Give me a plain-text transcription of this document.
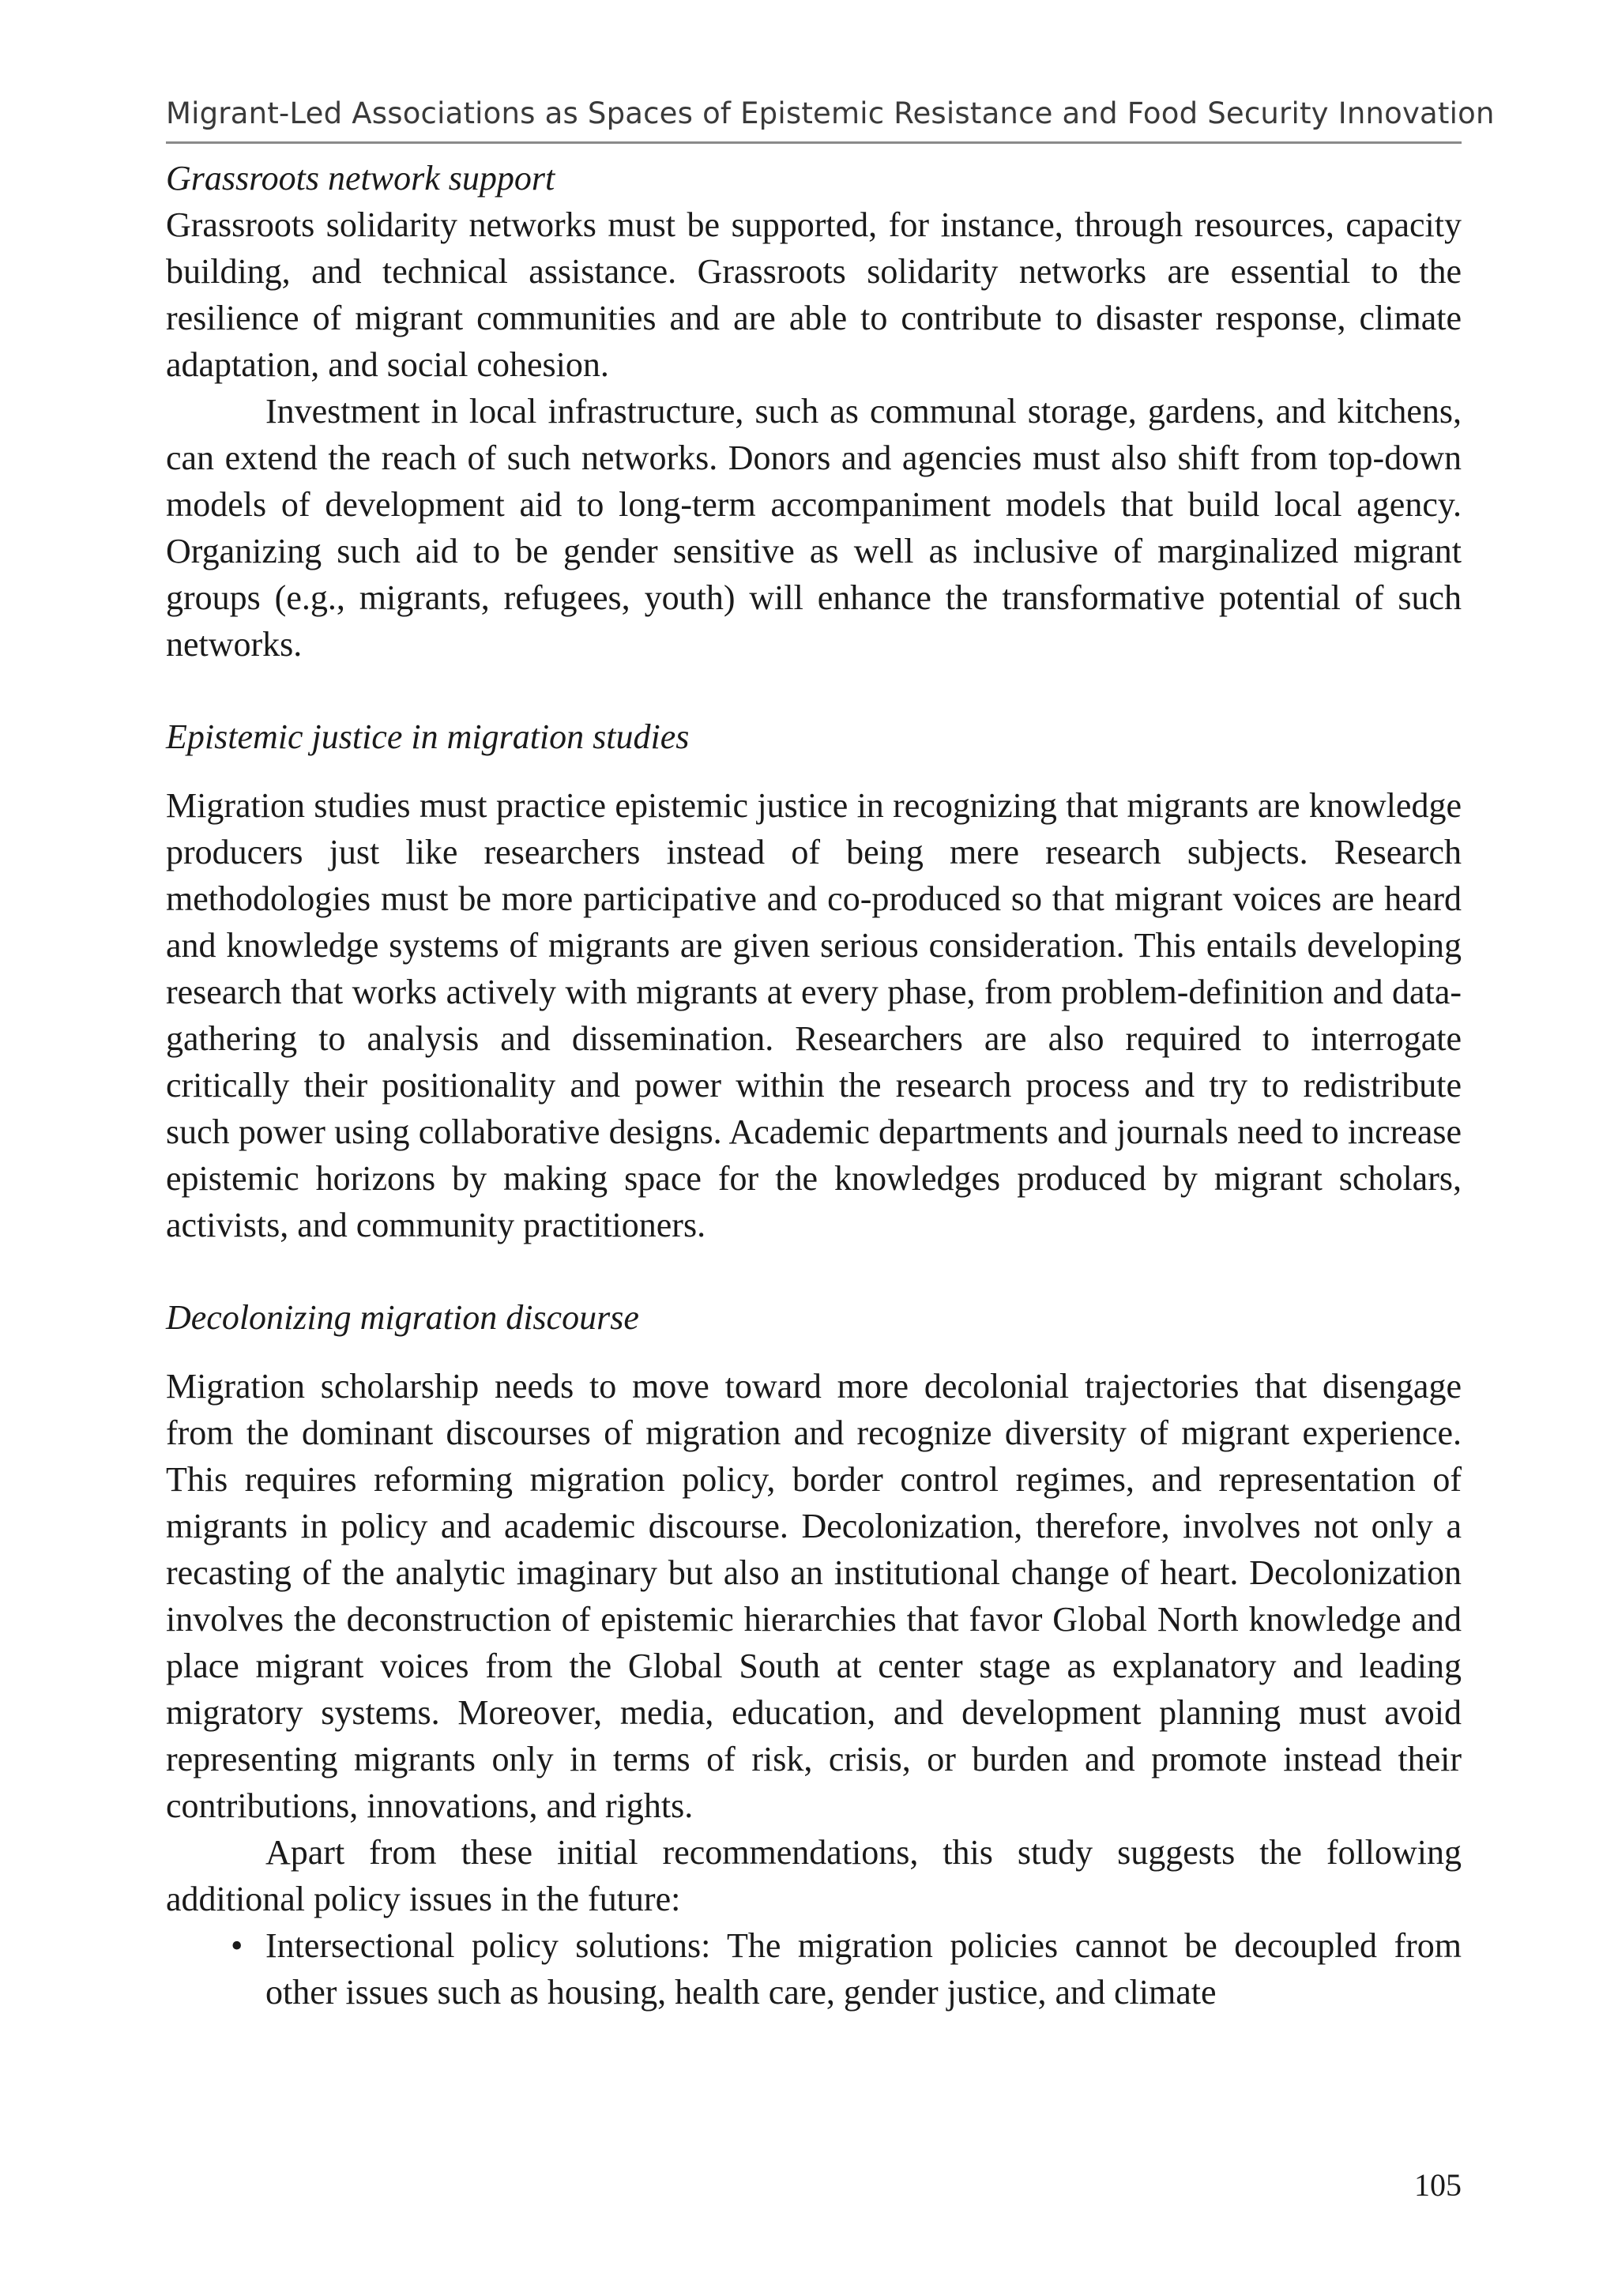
Migrant-Led Associations as Spaces of Epistemic Resistance and Food Security Innovation

Grassroots network support

Grassroots solidarity networks must be supported, for instance, through resources, capacity building, and technical assistance. Grassroots solidarity networks are essential to the resilience of migrant communities and are able to contribute to disaster response, climate adaptation, and social cohesion.

Investment in local infrastructure, such as communal storage, gardens, and kitchens, can extend the reach of such networks. Donors and agencies must also shift from top-down models of development aid to long-term accompaniment models that build local agency. Organizing such aid to be gender sensitive as well as inclusive of marginalized migrant groups (e.g., migrants, refugees, youth) will enhance the transformative potential of such networks.

Epistemic justice in migration studies

Migration studies must practice epistemic justice in recognizing that migrants are knowledge producers just like researchers instead of being mere research subjects. Research methodologies must be more participative and co-produced so that migrant voices are heard and knowledge systems of migrants are given serious consideration. This entails developing research that works actively with migrants at every phase, from problem-definition and data-gathering to analysis and dissemination. Researchers are also required to interrogate critically their positionality and power within the research process and try to redistribute such power using collaborative designs. Academic departments and journals need to increase epistemic horizons by making space for the knowledges produced by migrant scholars, activists, and community practitioners.

Decolonizing migration discourse

Migration scholarship needs to move toward more decolonial trajectories that disengage from the dominant discourses of migration and recognize diversity of migrant experience. This requires reforming migration policy, border control regimes, and representation of migrants in policy and academic discourse. Decolonization, therefore, involves not only a recasting of the analytic imaginary but also an institutional change of heart. Decolonization involves the deconstruction of epistemic hierarchies that favor Global North knowledge and place migrant voices from the Global South at center stage as explanatory and leading migratory systems. Moreover, media, education, and development planning must avoid representing migrants only in terms of risk, crisis, or burden and promote instead their contributions, innovations, and rights.

Apart from these initial recommendations, this study suggests the following additional policy issues in the future:

• Intersectional policy solutions: The migration policies cannot be decoupled from other issues such as housing, health care, gender justice, and climate

105
